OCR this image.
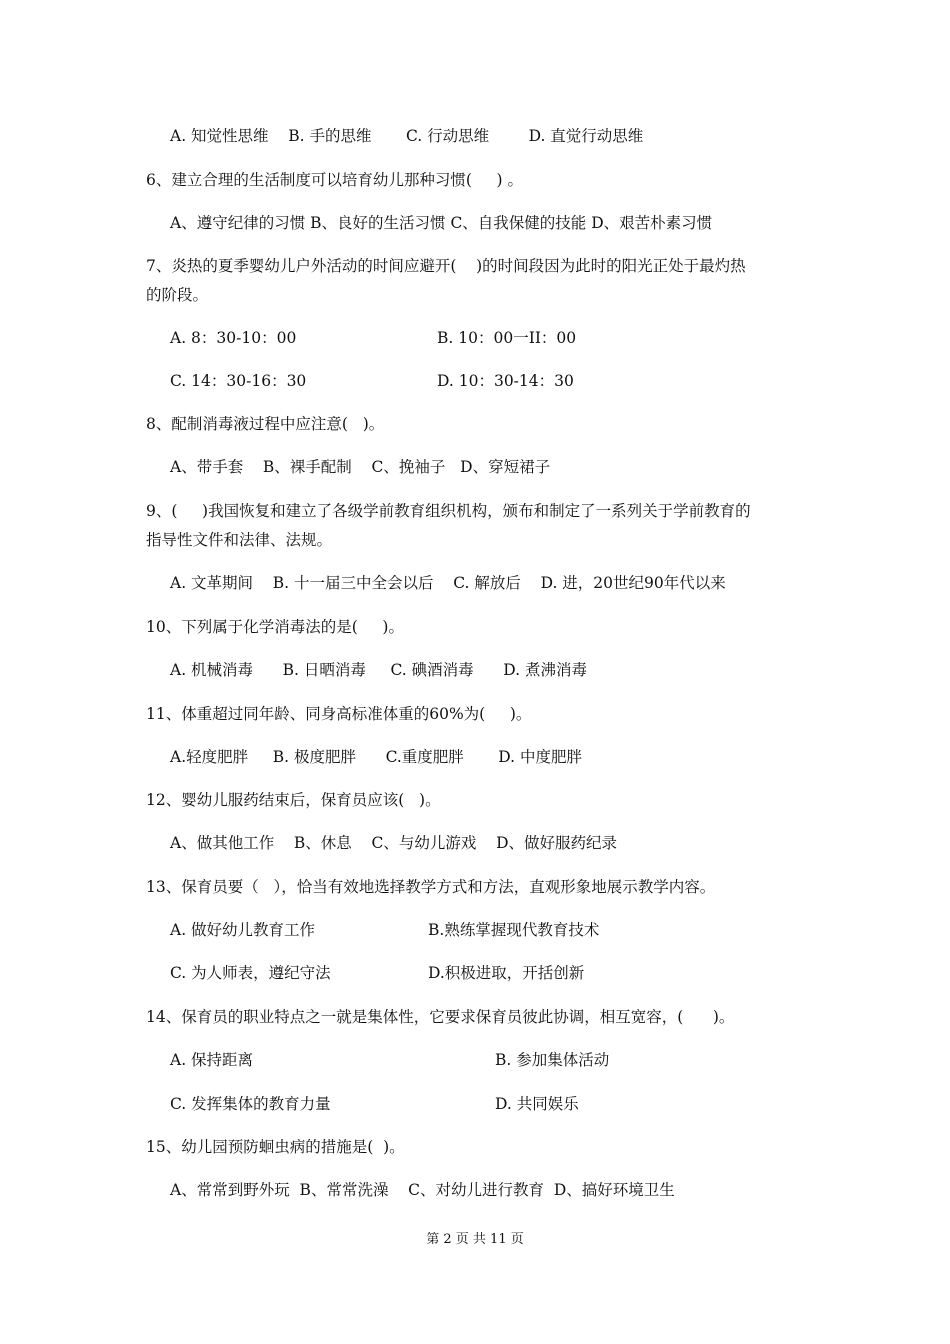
A. 知觉性思维    B. 手的思维       C. 行动思维        D. 直觉行动思维
6、建立合理的生活制度可以培育幼儿那种习惯(     ) 。
A、遵守纪律的习惯 B、良好的生活习惯 C、自我保健的技能 D、艰苦朴素习惯
7、炎热的夏季婴幼儿户外活动的时间应避开(    )的时间段因为此时的阳光正处于最灼热
的阶段。
A. 8：30-10：00	B. 10：00一II：00
C. 14：30-16：30	D. 10：30-14：30
8、配制消毒液过程中应注意(   )。
A、带手套    B、裸手配制    C、挽袖子   D、穿短裙子
9、(     )我国恢复和建立了各级学前教育组织机构，颁布和制定了一系列关于学前教育的
指导性文件和法律、法规。
A. 文革期间    B. 十一届三中全会以后    C. 解放后    D. 进，20世纪90年代以来
10、下列属于化学消毒法的是(     )。
A. 机械消毒      B. 日晒消毒     C. 碘酒消毒      D. 煮沸消毒
11、体重超过同年龄、同身高标准体重的60%为(     )。
A.轻度肥胖     B. 极度肥胖      C.重度肥胖       D. 中度肥胖
12、婴幼儿服药结束后，保育员应该(   )。
A、做其他工作    B、休息    C、与幼儿游戏    D、做好服药纪录
13、保育员要（   ），恰当有效地选择教学方式和方法，直观形象地展示教学内容。
A. 做好幼儿教育工作	B.熟练掌握现代教育技术
C. 为人师表，遵纪守法	D.积极进取，开括创新
14、保育员的职业特点之一就是集体性，它要求保育员彼此协调，相互宽容，(      )。
A. 保持距离	B. 参加集体活动
C. 发挥集体的教育力量	D. 共同娱乐
15、幼儿园预防蛔虫病的措施是(  )。
A、常常到野外玩  B、常常洗澡    C、对幼儿进行教育  D、搞好环境卫生
第 2 页 共 11 页
